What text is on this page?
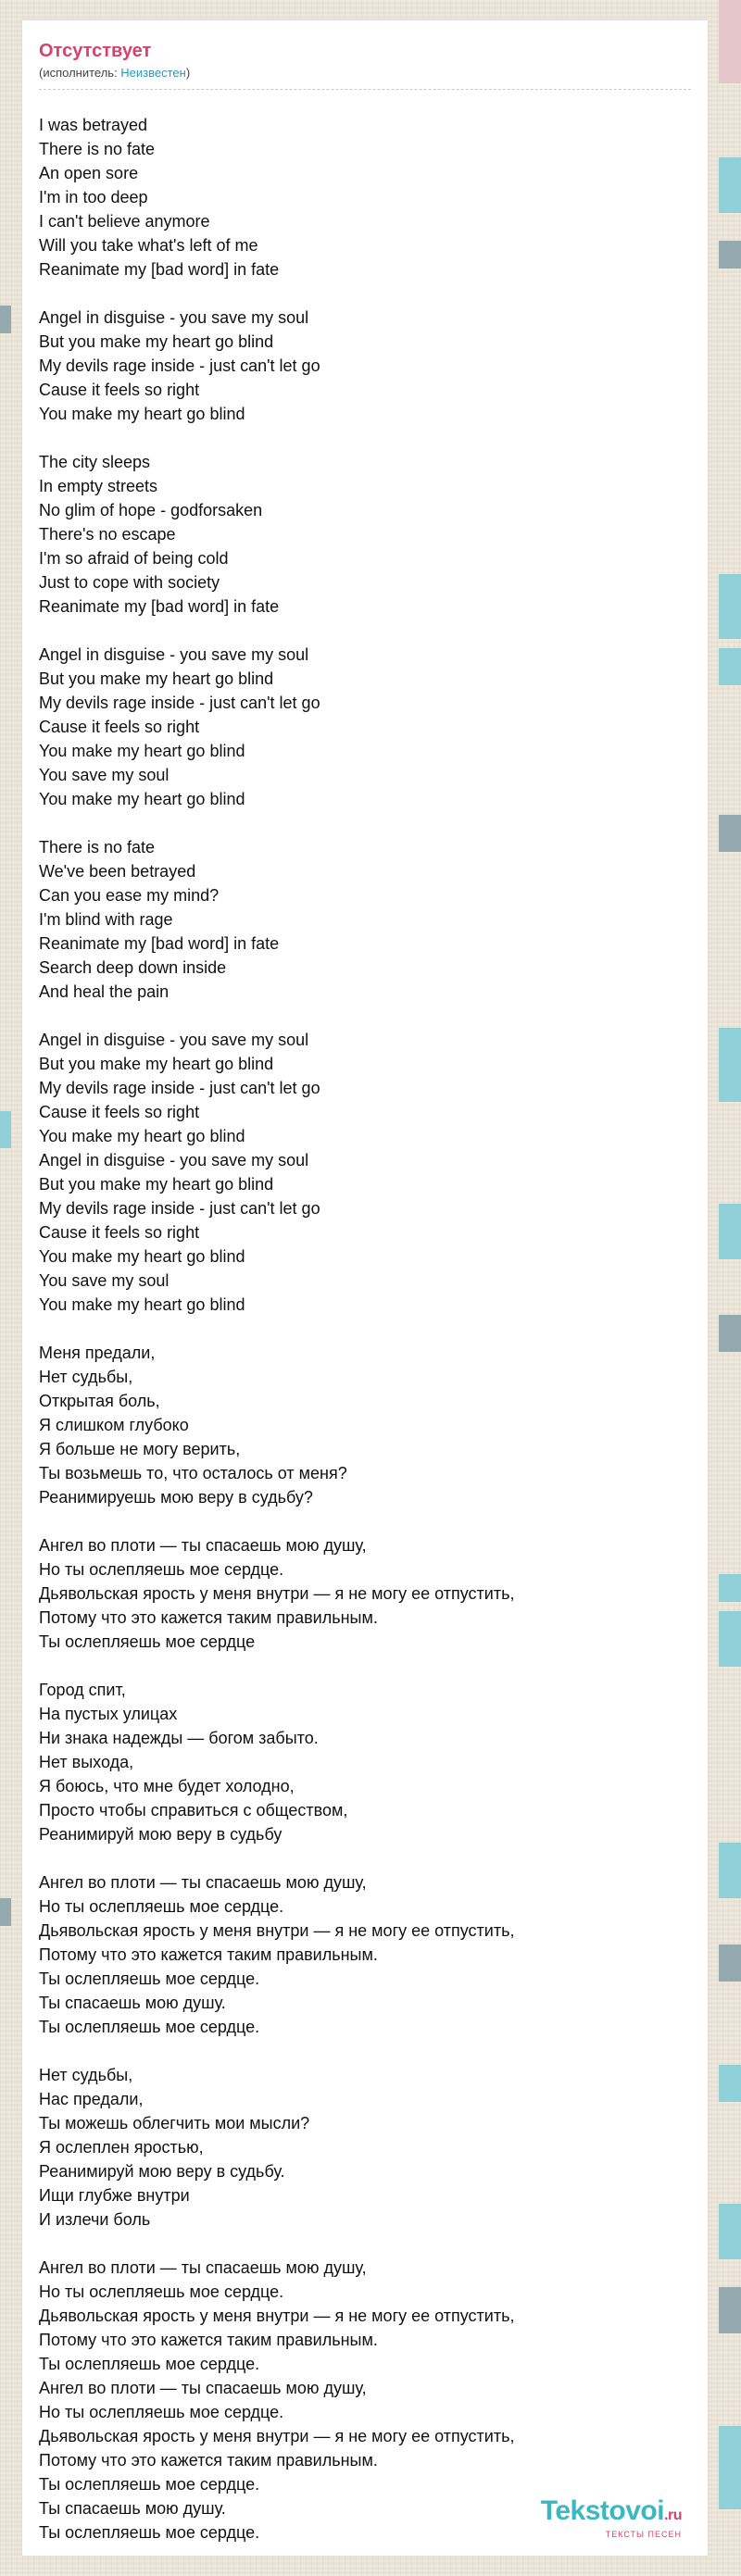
Отсутствует
(исполнитель: Неизвестен)
I was betrayed
There is no fate
An open sore
I'm in too deep
I can't believe anymore
Will you take what's left of me
Reanimate my [bad word] in fate
Angel in disguise - you save my soul
But you make my heart go blind
My devils rage inside - just can't let go
Cause it feels so right
You make my heart go blind
The city sleeps
In empty streets
No glim of hope - godforsaken
There's no escape
I'm so afraid of being cold
Just to cope with society
Reanimate my [bad word] in fate
Angel in disguise - you save my soul
But you make my heart go blind
My devils rage inside - just can't let go
Cause it feels so right
You make my heart go blind
You save my soul
You make my heart go blind
There is no fate
We've been betrayed
Can you ease my mind?
I'm blind with rage
Reanimate my [bad word] in fate
Search deep down inside
And heal the pain
Angel in disguise - you save my soul
But you make my heart go blind
My devils rage inside - just can't let go
Cause it feels so right
You make my heart go blind
Angel in disguise - you save my soul
But you make my heart go blind
My devils rage inside - just can't let go
Cause it feels so right
You make my heart go blind
You save my soul
You make my heart go blind
Меня предали,
Нет судьбы,
Открытая боль,
Я слишком глубоко
Я больше не могу верить,
Ты возьмешь то, что осталось от меня?
Реанимируешь мою веру в судьбу?
Ангел во плоти — ты спасаешь мою душу,
Но ты ослепляешь мое сердце.
Дьявольская ярость у меня внутри — я не могу ее отпустить,
Потому что это кажется таким правильным.
Ты ослепляешь мое сердце
Город спит,
На пустых улицах
Ни знака надежды — богом забыто.
Нет выхода,
Я боюсь, что мне будет холодно,
Просто чтобы справиться с обществом,
Реанимируй мою веру в судьбу
Ангел во плоти — ты спасаешь мою душу,
Но ты ослепляешь мое сердце.
Дьявольская ярость у меня внутри — я не могу ее отпустить,
Потому что это кажется таким правильным.
Ты ослепляешь мое сердце.
Ты спасаешь мою душу.
Ты ослепляешь мое сердце.
Нет судьбы,
Нас предали,
Ты можешь облегчить мои мысли?
Я ослеплен яростью,
Реанимируй мою веру в судьбу.
Ищи глубже внутри
И излечи боль
Ангел во плоти — ты спасаешь мою душу,
Но ты ослепляешь мое сердце.
Дьявольская ярость у меня внутри — я не могу ее отпустить,
Потому что это кажется таким правильным.
Ты ослепляешь мое сердце.
Ангел во плоти — ты спасаешь мою душу,
Но ты ослепляешь мое сердце.
Дьявольская ярость у меня внутри — я не могу ее отпустить,
Потому что это кажется таким правильным.
Ты ослепляешь мое сердце.
Ты спасаешь мою душу.
Ты ослепляешь мое сердце.
Tekstovoi.ru
ТЕКСТЫ ПЕСЕН
